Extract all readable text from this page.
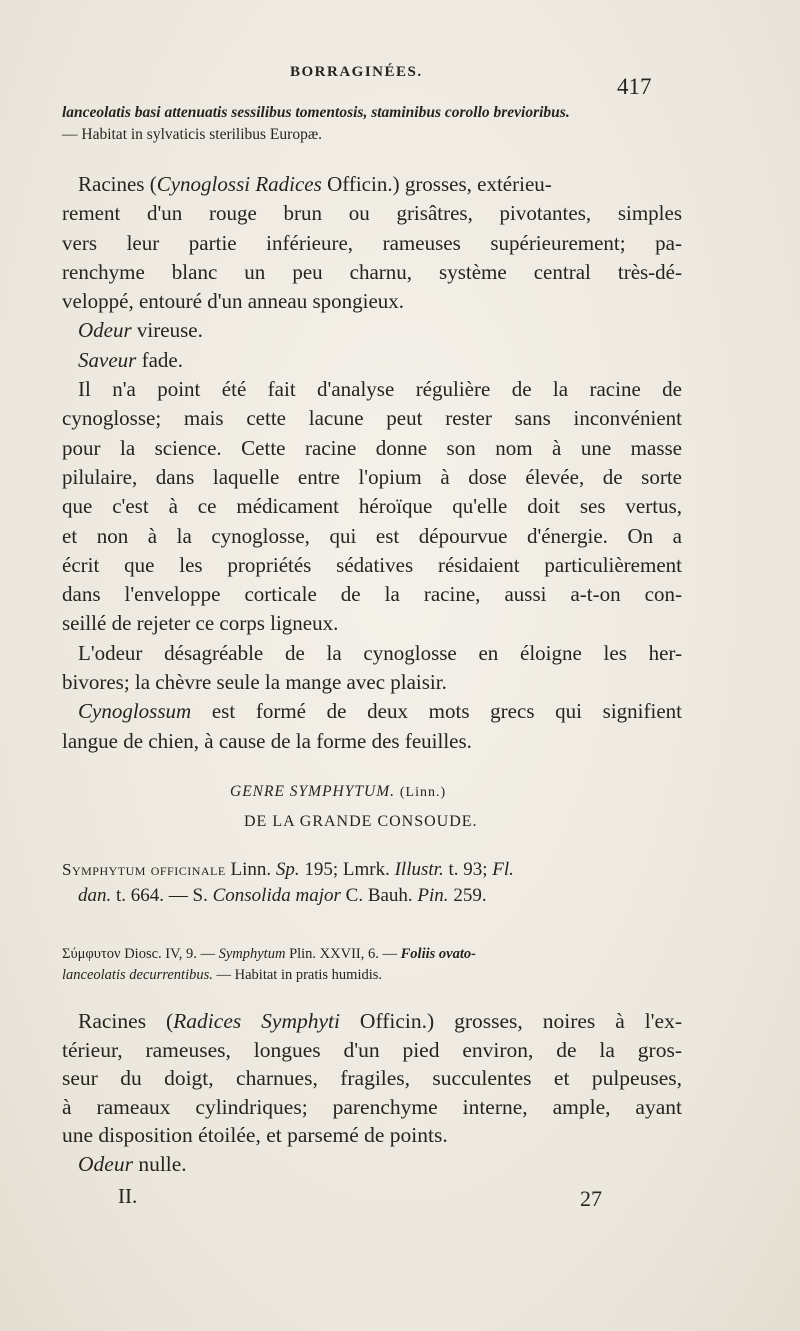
BORRAGINÉES.
417
lanceolatis basi attenuatis sessilibus tomentosis, staminibus corollo brevioribus.
— Habitat in sylvaticis sterilibus Europæ.
Racines (Cynoglossi Radices Officin.) grosses, extérieu-
rement d'un rouge brun ou grisâtres, pivotantes, simples
vers leur partie inférieure, rameuses supérieurement; pa-
renchyme blanc un peu charnu, système central très-dé-
veloppé, entouré d'un anneau spongieux.
Odeur vireuse.
Saveur fade.
Il n'a point été fait d'analyse régulière de la racine de
cynoglosse; mais cette lacune peut rester sans inconvénient
pour la science. Cette racine donne son nom à une masse
pilulaire, dans laquelle entre l'opium à dose élevée, de sorte
que c'est à ce médicament héroïque qu'elle doit ses vertus,
et non à la cynoglosse, qui est dépourvue d'énergie. On a
écrit que les propriétés sédatives résidaient particulièrement
dans l'enveloppe corticale de la racine, aussi a-t-on con-
seillé de rejeter ce corps ligneux.
L'odeur désagréable de la cynoglosse en éloigne les her-
bivores; la chèvre seule la mange avec plaisir.
Cynoglossum est formé de deux mots grecs qui signifient
langue de chien, à cause de la forme des feuilles.
GENRE SYMPHYTUM. (Linn.)
DE LA GRANDE CONSOUDE.
Symphytum officinale Linn. Sp. 195; Lmrk. Illustr. t. 93; Fl.
dan. t. 664. — S. Consolida major C. Bauh. Pin. 259.
Σύμφυτον Diosc. IV, 9. — Symphytum Plin. XXVII, 6. — Foliis ovato-
lanceolatis decurrentibus. — Habitat in pratis humidis.
Racines (Radices Symphyti Officin.) grosses, noires à l'ex-
térieur, rameuses, longues d'un pied environ, de la gros-
seur du doigt, charnues, fragiles, succulentes et pulpeuses,
à rameaux cylindriques; parenchyme interne, ample, ayant
une disposition étoilée, et parsemé de points.
Odeur nulle.
II.	27
